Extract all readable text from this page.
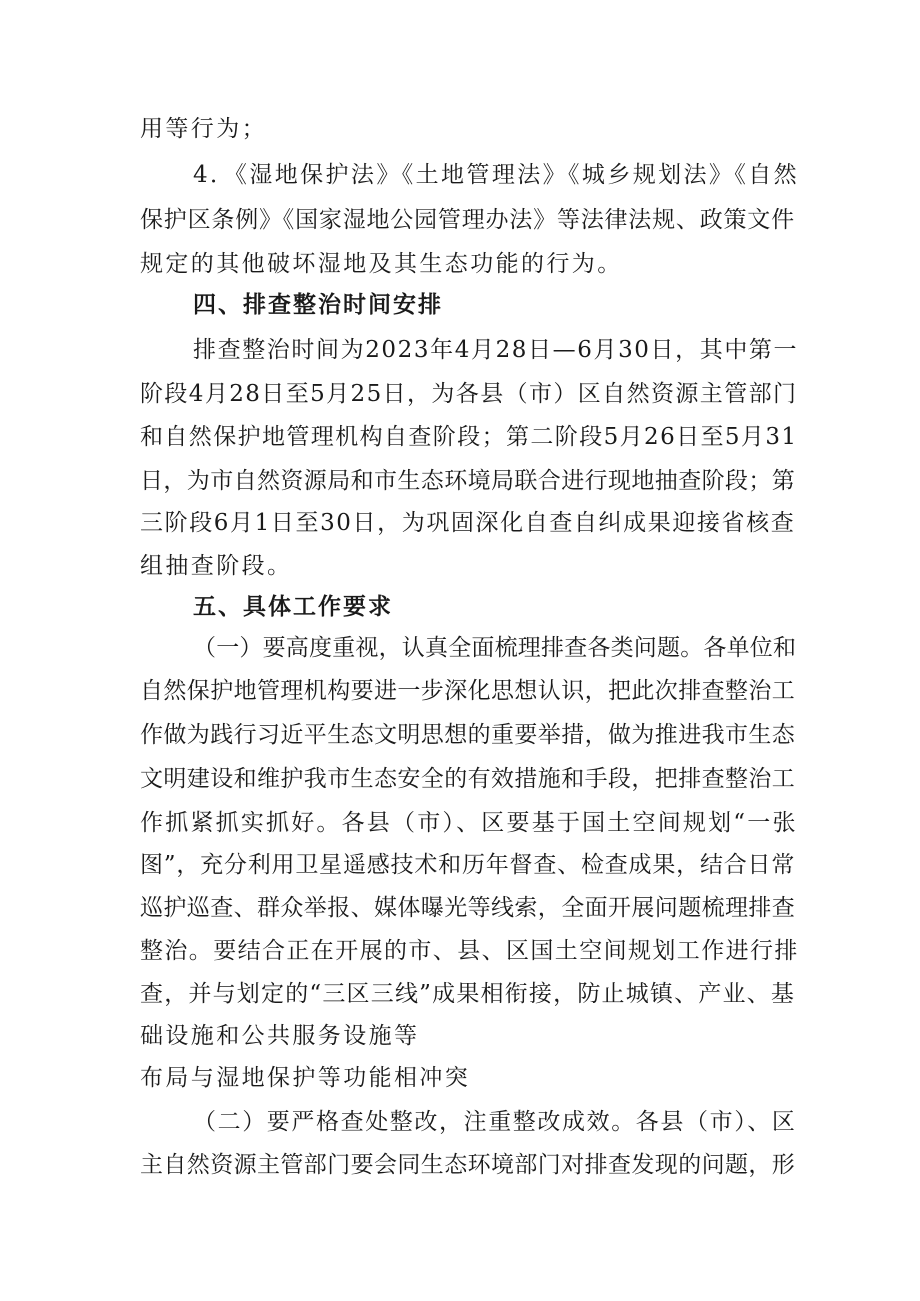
用等行为；
4．《湿地保护法》《土地管理法》《城乡规划法》《自然
保护区条例》《国家湿地公园管理办法》等法律法规、政策文件
规定的其他破坏湿地及其生态功能的行为。
四、排查整治时间安排
排查整治时间为2023年4月28日—6月30日，其中第一
阶段4月28日至5月25日，为各县（市）区自然资源主管部门
和自然保护地管理机构自查阶段；第二阶段5月26日至5月31
日，为市自然资源局和市生态环境局联合进行现地抽查阶段；第
三阶段6月1日至30日，为巩固深化自查自纠成果迎接省核查
组抽查阶段。
五、具体工作要求
（一）要高度重视，认真全面梳理排查各类问题。各单位和
自然保护地管理机构要进一步深化思想认识，把此次排查整治工
作做为践行习近平生态文明思想的重要举措，做为推进我市生态
文明建设和维护我市生态安全的有效措施和手段，把排查整治工
作抓紧抓实抓好。各县（市）、区要基于国土空间规划“一张
图”，充分利用卫星遥感技术和历年督查、检查成果，结合日常
巡护巡查、群众举报、媒体曝光等线索，全面开展问题梳理排查
整治。要结合正在开展的市、县、区国土空间规划工作进行排
查，并与划定的“三区三线”成果相衔接，防止城镇、产业、基
础设施和公共服务设施等
布局与湿地保护等功能相冲突
（二）要严格查处整改，注重整改成效。各县（市）、区
主自然资源主管部门要会同生态环境部门对排查发现的问题，形
